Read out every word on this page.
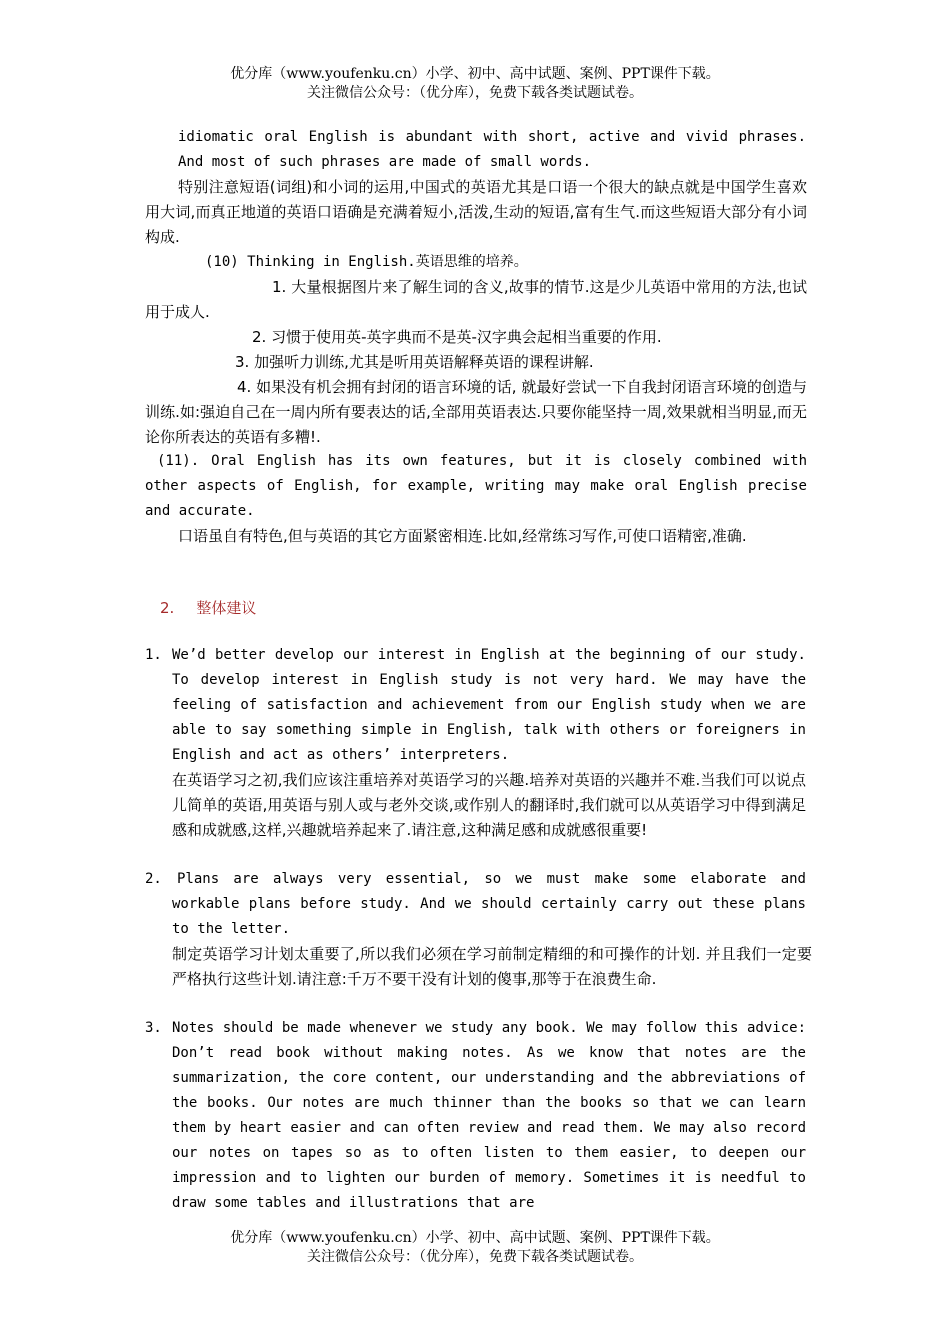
优分库（www.youfenku.cn）小学、初中、高中试题、案例、PPT课件下载。
关注微信公众号：（优分库），免费下载各类试题试卷。
idiomatic oral English is abundant with short, active and vivid phrases. And most of such phrases are made of small words.
特别注意短语(词组)和小词的运用,中国式的英语尤其是口语一个很大的缺点就是中国学生喜欢用大词,而真正地道的英语口语确是充满着短小,活泼,生动的短语,富有生气.而这些短语大部分有小词构成.
(10) Thinking in English.英语思维的培养。
1. 大量根据图片来了解生词的含义,故事的情节.这是少儿英语中常用的方法,也试用于成人.
2. 习惯于使用英-英字典而不是英-汉字典会起相当重要的作用.
3. 加强听力训练,尤其是听用英语解释英语的课程讲解.
4. 如果没有机会拥有封闭的语言环境的话, 就最好尝试一下自我封闭语言环境的创造与训练.如:强迫自己在一周内所有要表达的话,全部用英语表达.只要你能坚持一周,效果就相当明显,而无论你所表达的英语有多糟!.
(11). Oral English has its own features, but it is closely combined with other aspects of English, for example, writing may make oral English precise and accurate.
口语虽自有特色,但与英语的其它方面紧密相连.比如,经常练习写作,可使口语精密,准确.
2. 整体建议
1. We’d better develop our interest in English at the beginning of our study. To develop interest in English study is not very hard. We may have the feeling of satisfaction and achievement from our English study when we are able to say something simple in English, talk with others or foreigners in English and act as others’ interpreters.
在英语学习之初,我们应该注重培养对英语学习的兴趣.培养对英语的兴趣并不难.当我们可以说点儿简单的英语,用英语与别人或与老外交谈,或作别人的翻译时,我们就可以从英语学习中得到满足感和成就感,这样,兴趣就培养起来了.请注意,这种满足感和成就感很重要!
2.	Plans are always very essential, so we must make some elaborate and workable plans before study. And we should certainly carry out these plans to the letter.
制定英语学习计划太重要了,所以我们必须在学习前制定精细的和可操作的计划. 并且我们一定要严格执行这些计划.请注意:千万不要干没有计划的傻事,那等于在浪费生命.
3. Notes should be made whenever we study any book. We may follow this advice: Don’t read book without making notes. As we know that notes are the summarization, the core content, our understanding and the abbreviations of the books. Our notes are much thinner than the books so that we can learn them by heart easier and can often review and read them. We may also record our notes on tapes so as to often listen to them easier, to deepen our impression and to lighten our burden of memory. Sometimes it is needful to draw some tables and illustrations that are
优分库（www.youfenku.cn）小学、初中、高中试题、案例、PPT课件下载。
关注微信公众号：（优分库），免费下载各类试题试卷。
